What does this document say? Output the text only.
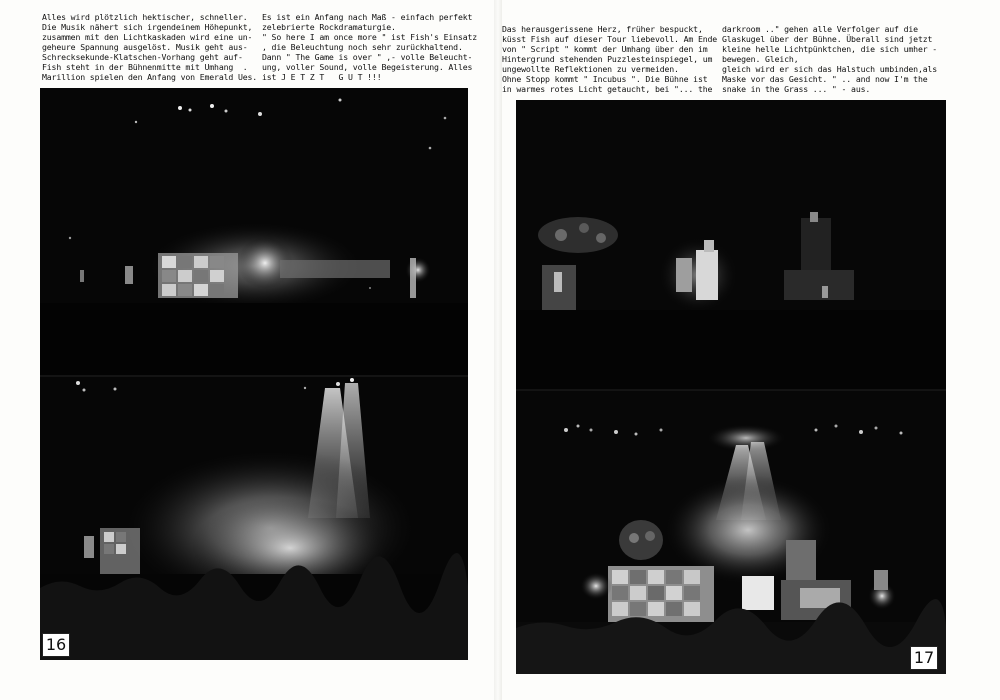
Alles wird plötzlich hektischer, schneller.
Die Musik nähert sich irgendeinem Höhepunkt,
zusammen mit den Lichtkaskaden wird eine un-
geheure Spannung ausgelöst. Musik geht aus-
Schrecksekunde-Klatschen-Vorhang geht auf-
Fish steht in der Bühnenmitte mit Umhang  .
Marillion spielen den Anfang von Emerald Ues.
Es ist ein Anfang nach Maß - einfach perfekt
zelebrierte Rockdramaturgie.
" So here I am once more " ist Fish's Einsatz
, die Beleuchtung noch sehr zurückhaltend.
Dann " The Game is over " ,- volle Beleucht-
ung, voller Sound, volle Begeisterung. Alles
ist J E T Z T   G U T !!!
16
Das herausgerissene Herz, früher bespuckt,
küsst Fish auf dieser Tour liebevoll. Am Ende
von " Script " kommt der Umhang über den im
Hintergrund stehenden Puzzlesteinspiegel, um
ungewollte Reflektionen zu vermeiden.
Ohne Stopp kommt " Incubus ". Die Bühne ist
in warmes rotes Licht getaucht, bei "... the
darkroom .." gehen alle Verfolger auf die
Glaskugel über der Bühne. Überall sind jetzt
kleine helle Lichtpünktchen, die sich umher -
bewegen. Gleich,
gleich wird er sich das Halstuch umbinden,als
Maske vor das Gesicht. " .. and now I'm the
snake in the Grass ... " - aus.
17
